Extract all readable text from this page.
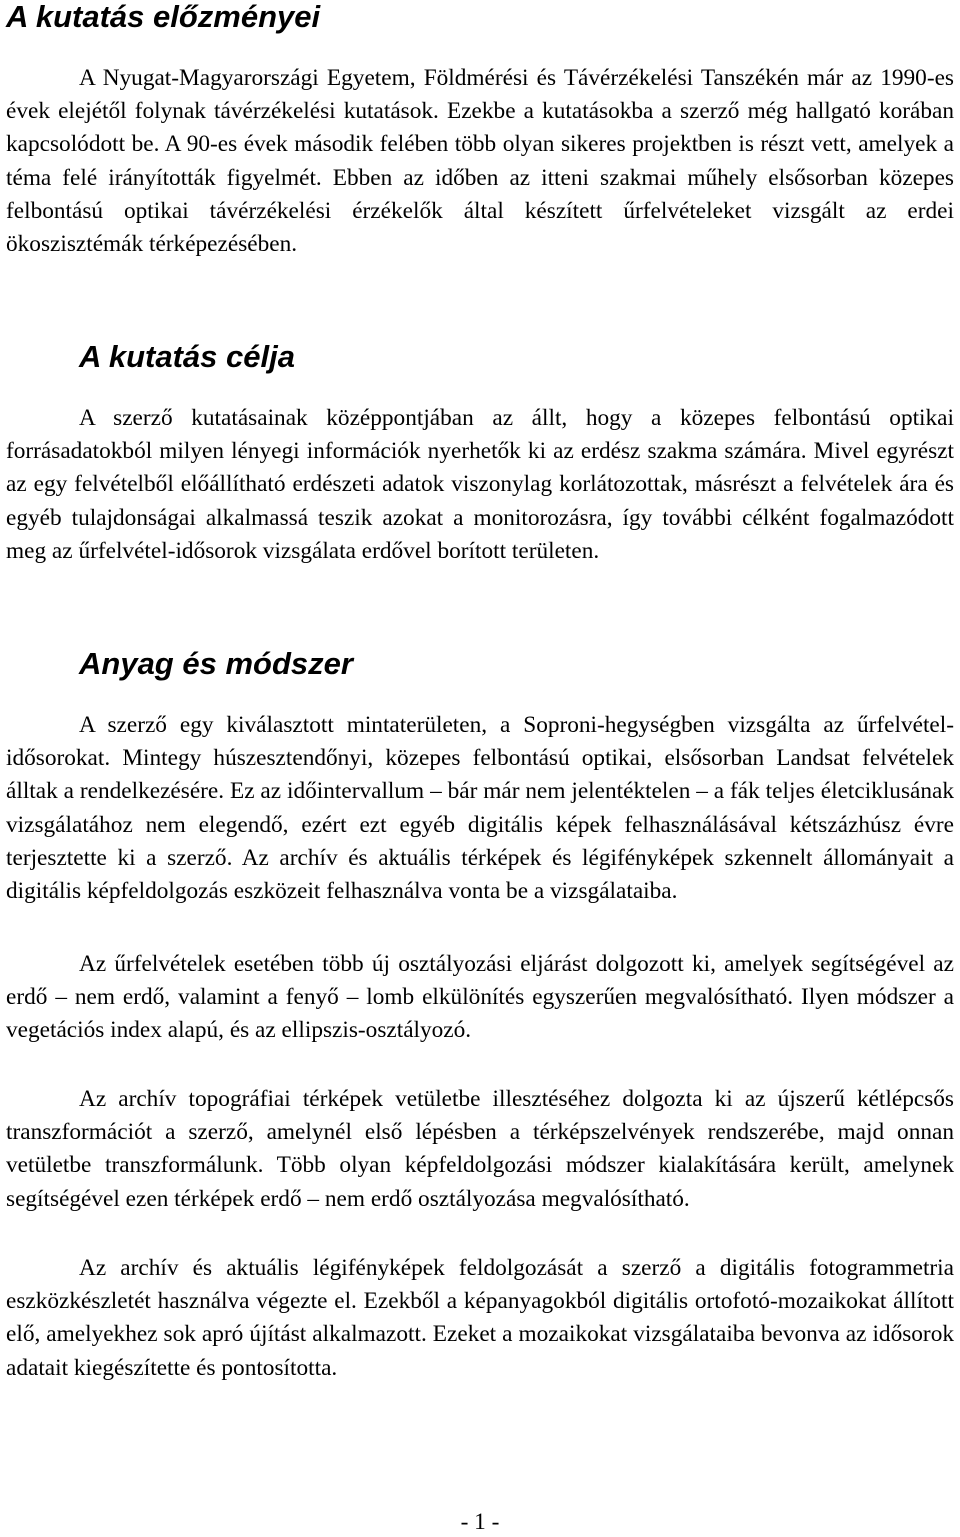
A kutatás előzményei

A Nyugat-Magyarországi Egyetem, Földmérési és Távérzékelési Tanszékén már az 1990-es évek elejétől folynak távérzékelési kutatások. Ezekbe a kutatásokba a szerző még hallgató korában kapcsolódott be. A 90-es évek második felében több olyan sikeres projektben is részt vett, amelyek a téma felé irányították figyelmét. Ebben az időben az itteni szakmai műhely elsősorban közepes felbontású optikai távérzékelési érzékelők által készített űrfelvételeket vizsgált az erdei ökoszisztémák térképezésében.

A kutatás célja

A szerző kutatásainak középpontjában az állt, hogy a közepes felbontású optikai forrásadatokból milyen lényegi információk nyerhetők ki az erdész szakma számára. Mivel egyrészt az egy felvételből előállítható erdészeti adatok viszonylag korlátozottak, másrészt a felvételek ára és egyéb tulajdonságai alkalmassá teszik azokat a monitorozásra, így további célként fogalmazódott meg az űrfelvétel-idősorok vizsgálata erdővel borított területen.

Anyag és módszer

A szerző egy kiválasztott mintaterületen, a Soproni-hegységben vizsgálta az űrfelvétel-idősorokat. Mintegy húszesztendőnyi, közepes felbontású optikai, elsősorban Landsat felvételek álltak a rendelkezésére. Ez az időintervallum – bár már nem jelentéktelen – a fák teljes életciklusának vizsgálatához nem elegendő, ezért ezt egyéb digitális képek felhasználásával kétszázhúsz évre terjesztette ki a szerző. Az archív és aktuális térképek és légifényképek szkennelt állományait a digitális képfeldolgozás eszközeit felhasználva vonta be a vizsgálataiba.

Az űrfelvételek esetében több új osztályozási eljárást dolgozott ki, amelyek segítségével az erdő – nem erdő, valamint a fenyő – lomb elkülönítés egyszerűen megvalósítható. Ilyen módszer a vegetációs index alapú, és az ellipszis-osztályozó.

Az archív topográfiai térképek vetületbe illesztéséhez dolgozta ki az újszerű kétlépcsős transzformációt a szerző, amelynél első lépésben a térképszelvények rendszerébe, majd onnan vetületbe transzformálunk. Több olyan képfeldolgozási módszer kialakítására került, amelynek segítségével ezen térképek erdő – nem erdő osztályozása megvalósítható.

Az archív és aktuális légifényképek feldolgozását a szerző a digitális fotogrammetria eszközkészletét használva végezte el. Ezekből a képanyagokból digitális ortofotó-mozaikokat állított elő, amelyekhez sok apró újítást alkalmazott. Ezeket a mozaikokat vizsgálataiba bevonva az idősorok adatait kiegészítette és pontosította.

- 1 -
